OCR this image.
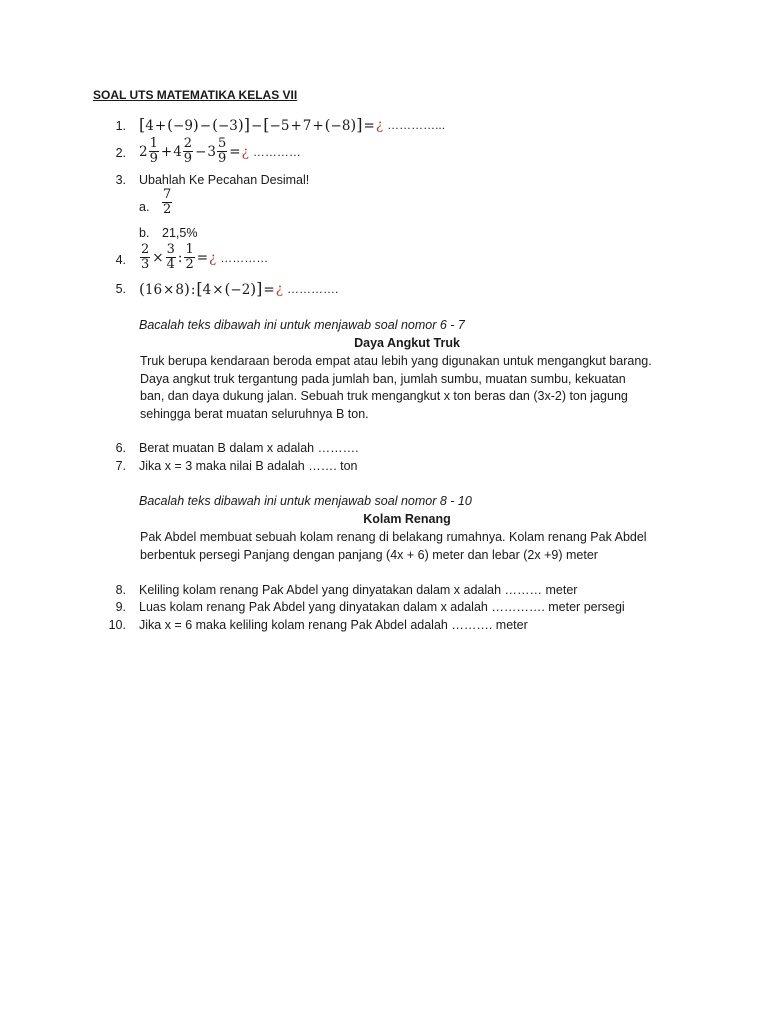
SOAL UTS MATEMATIKA KELAS VII
1. [4+(−9)−(−3)]−[−5+7+(−8)]= ¿ …………...
2. $2 \frac{1}{9} + 4 \frac{2}{9} - 3 \frac{5}{9}$ = ¿ …………
3. Ubahlah Ke Pecahan Desimal!
a. $\frac{7}{2}$
b. 21,5%
4. $\frac{2}{3} \times \frac{3}{4}$ : $\frac{1}{2}$ = ¿ …………
5. (16×8):[4×(−2)]= ¿ ………….
Bacalah teks dibawah ini untuk menjawab soal nomor 6 - 7
Daya Angkut Truk
Truk berupa kendaraan beroda empat atau lebih yang digunakan untuk mengangkut barang.
Daya angkut truk tergantung pada jumlah ban, jumlah sumbu, muatan sumbu, kekuatan
ban, dan daya dukung jalan. Sebuah truk mengangkut x ton beras dan (3x-2) ton jagung
sehingga berat muatan seluruhnya B ton.
6. Berat muatan B dalam x adalah ……….
7. Jika x = 3 maka nilai B adalah ……. ton
Bacalah teks dibawah ini untuk menjawab soal nomor 8 - 10
Kolam Renang
Pak Abdel membuat sebuah kolam renang di belakang rumahnya. Kolam renang Pak Abdel
berbentuk persegi Panjang dengan panjang (4x + 6) meter dan lebar (2x +9) meter
8. Keliling kolam renang Pak Abdel yang dinyatakan dalam x adalah ……… meter
9. Luas kolam renang Pak Abdel yang dinyatakan dalam x adalah …………. meter persegi
10. Jika x = 6 maka keliling kolam renang Pak Abdel adalah ………. meter
